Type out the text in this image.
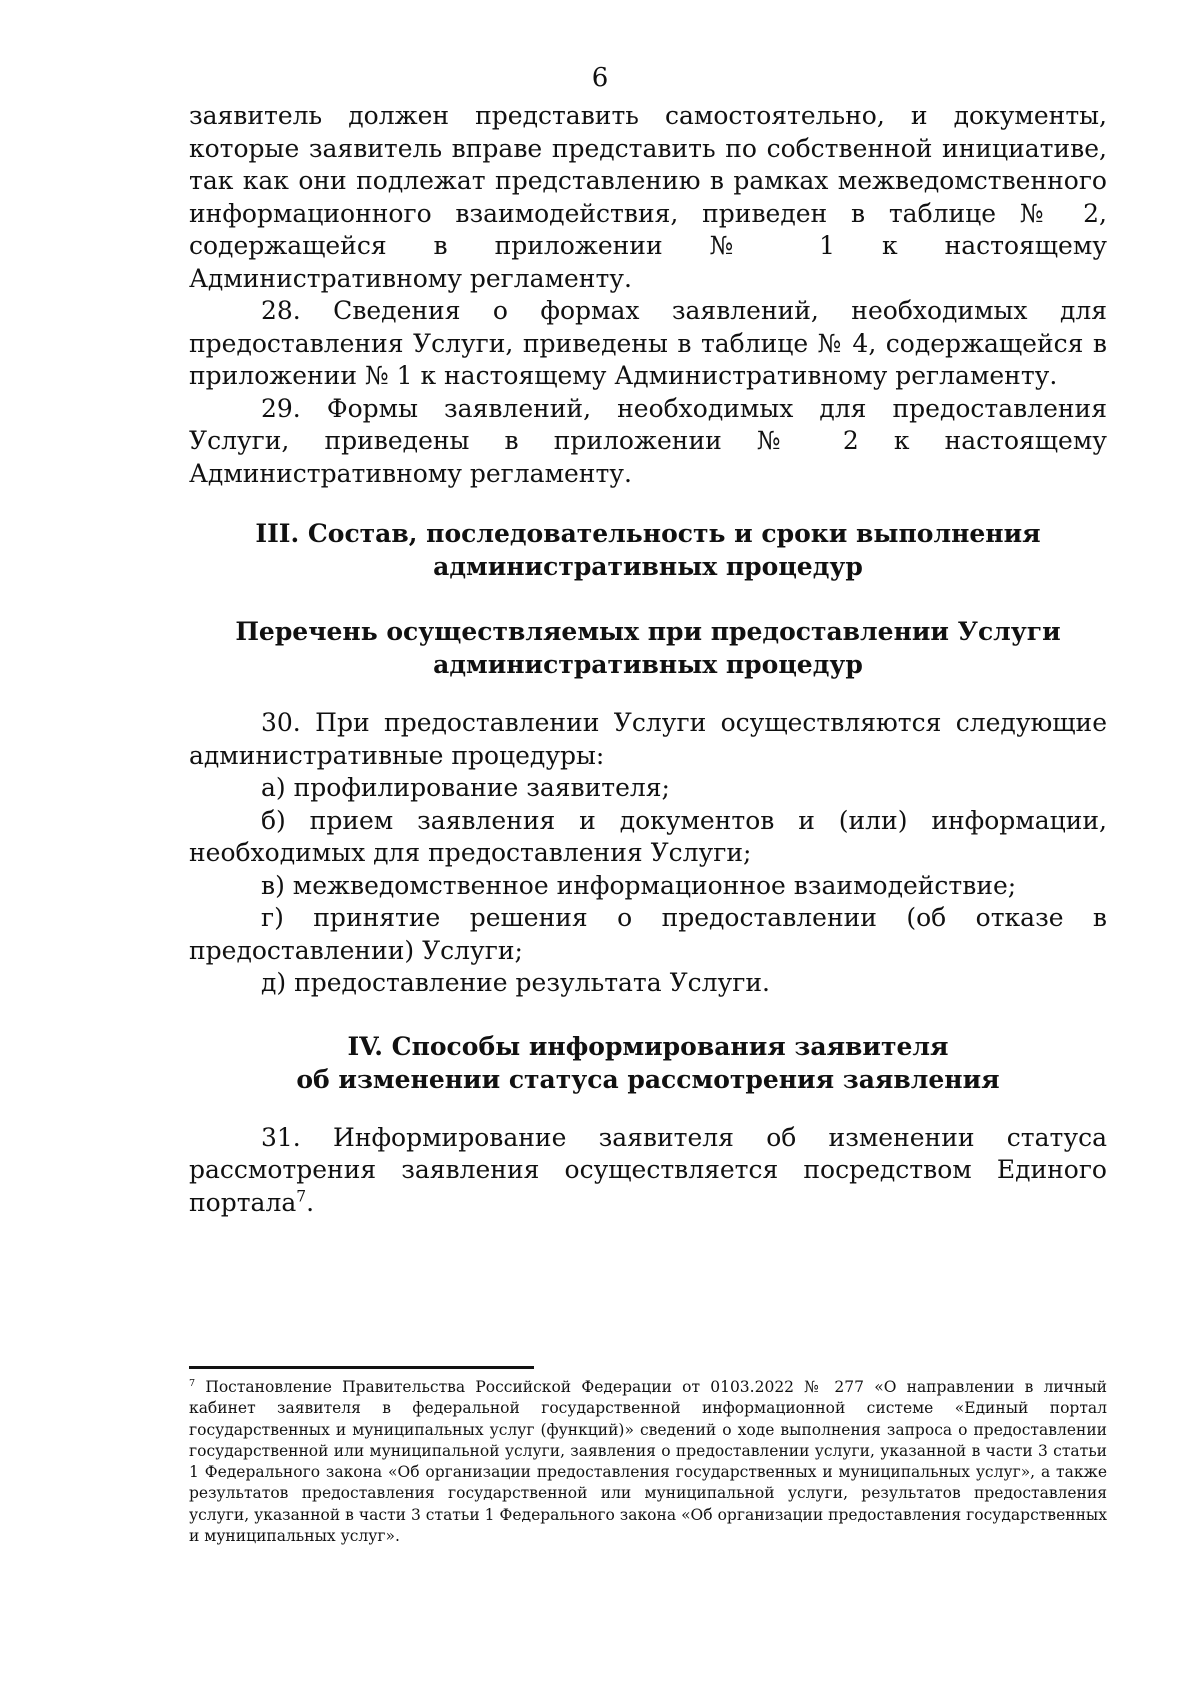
6

заявитель должен представить самостоятельно, и документы, которые заявитель вправе представить по собственной инициативе, так как они подлежат представлению в рамках межведомственного информационного взаимодействия, приведен в таблице № 2, содержащейся в приложении № 1 к настоящему Административному регламенту.

28. Сведения о формах заявлений, необходимых для предоставления Услуги, приведены в таблице № 4, содержащейся в приложении № 1 к настоящему Административному регламенту.

29. Формы заявлений, необходимых для предоставления Услуги, приведены в приложении № 2 к настоящему Административному регламенту.

III. Состав, последовательность и сроки выполнения
административных процедур
Перечень осуществляемых при предоставлении Услуги
административных процедур

30. При предоставлении Услуги осуществляются следующие административные процедуры:

а) профилирование заявителя;

б) прием заявления и документов и (или) информации, необходимых для предоставления Услуги;

в) межведомственное информационное взаимодействие;

г) принятие решения о предоставлении (об отказе в предоставлении) Услуги;

д) предоставление результата Услуги.

IV. Способы информирования заявителя
об изменении статуса рассмотрения заявления

31. Информирование заявителя об изменении статуса рассмотрения заявления осуществляется посредством Единого портала$^7$.

$^7$ Постановление Правительства Российской Федерации от 0103.2022 № 277 «О направлении в личный кабинет заявителя в федеральной государственной информационной системе «Единый портал государственных и муниципальных услуг (функций)» сведений о ходе выполнения запроса о предоставлении государственной или муниципальной услуги, заявления о предоставлении услуги, указанной в части 3 статьи 1 Федерального закона «Об организации предоставления государственных и муниципальных услуг», а также результатов предоставления государственной или муниципальной услуги, результатов предоставления услуги, указанной в части 3 статьи 1 Федерального закона «Об организации предоставления государственных и муниципальных услуг».
